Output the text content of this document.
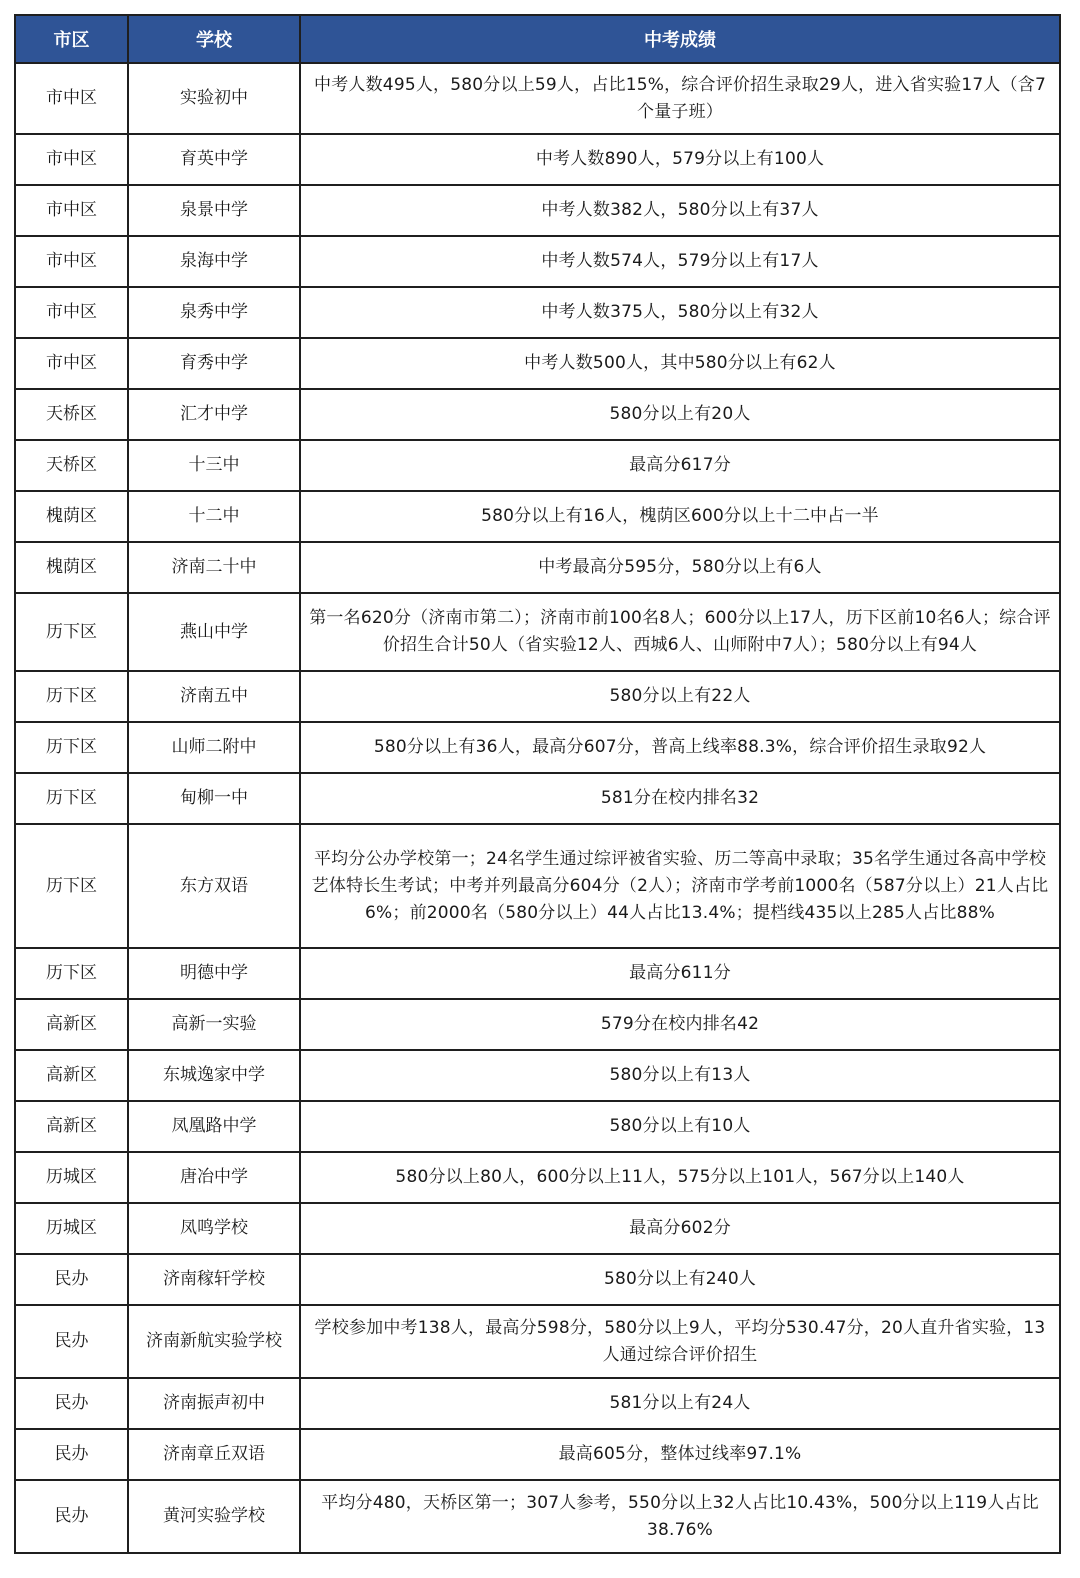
市区	学校	中考成绩
市中区	实验初中	中考人数495人，580分以上59人，占比15%，综合评价招生录取29人，进入省实验17人（含7个量子班）
市中区	育英中学	中考人数890人，579分以上有100人
市中区	泉景中学	中考人数382人，580分以上有37人
市中区	泉海中学	中考人数574人，579分以上有17人
市中区	泉秀中学	中考人数375人，580分以上有32人
市中区	育秀中学	中考人数500人，其中580分以上有62人
天桥区	汇才中学	580分以上有20人
天桥区	十三中	最高分617分
槐荫区	十二中	580分以上有16人，槐荫区600分以上十二中占一半
槐荫区	济南二十中	中考最高分595分，580分以上有6人
历下区	燕山中学	第一名620分（济南市第二）；济南市前100名8人；600分以上17人，历下区前10名6人；综合评价招生合计50人（省实验12人、西城6人、山师附中7人）；580分以上有94人
历下区	济南五中	580分以上有22人
历下区	山师二附中	580分以上有36人，最高分607分，普高上线率88.3%，综合评价招生录取92人
历下区	甸柳一中	581分在校内排名32
历下区	东方双语	平均分公办学校第一；24名学生通过综评被省实验、历二等高中录取；35名学生通过各高中学校艺体特长生考试；中考并列最高分604分（2人）；济南市学考前1000名（587分以上）21人占比6%；前2000名（580分以上）44人占比13.4%；提档线435以上285人占比88%
历下区	明德中学	最高分611分
高新区	高新一实验	579分在校内排名42
高新区	东城逸家中学	580分以上有13人
高新区	凤凰路中学	580分以上有10人
历城区	唐冶中学	580分以上80人，600分以上11人，575分以上101人，567分以上140人
历城区	凤鸣学校	最高分602分
民办	济南稼轩学校	580分以上有240人
民办	济南新航实验学校	学校参加中考138人，最高分598分，580分以上9人，平均分530.47分，20人直升省实验，13人通过综合评价招生
民办	济南振声初中	581分以上有24人
民办	济南章丘双语	最高605分，整体过线率97.1%
民办	黄河实验学校	平均分480，天桥区第一；307人参考，550分以上32人占比10.43%，500分以上119人占比38.76%
